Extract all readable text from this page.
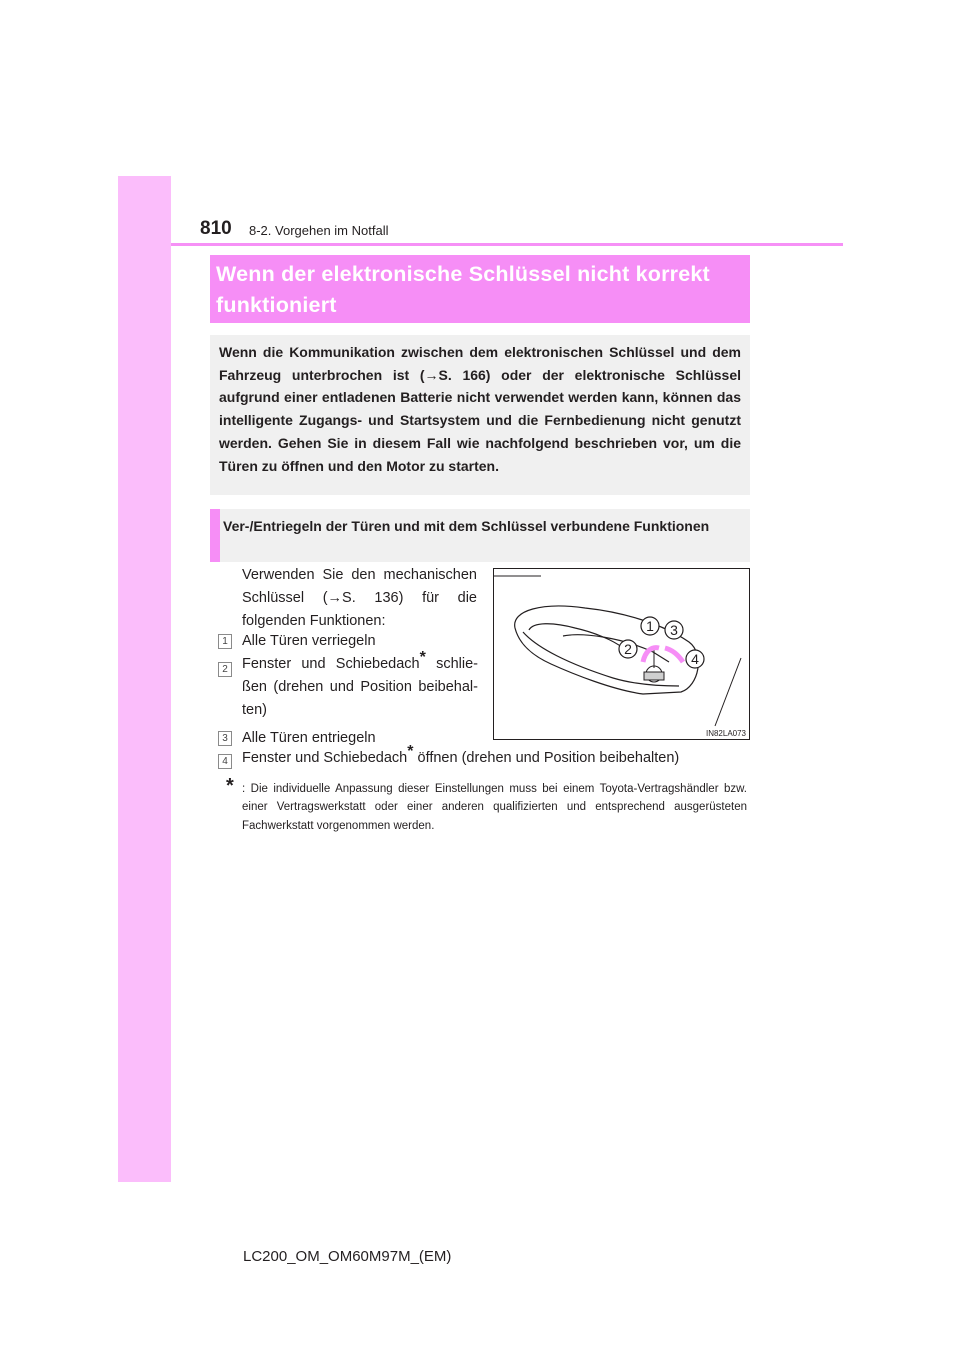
810 8-2. Vorgehen im Notfall
Wenn der elektronische Schlüssel nicht korrekt funktioniert
Wenn die Kommunikation zwischen dem elektronischen Schlüssel und dem Fahrzeug unterbrochen ist (→S. 166) oder der elektronische Schlüssel aufgrund einer entladenen Batterie nicht verwendet werden kann, können das intelligente Zugangs- und Startsystem und die Fernbedienung nicht genutzt werden. Gehen Sie in diesem Fall wie nachfolgend beschrieben vor, um die Türen zu öffnen und den Motor zu starten.
Ver-/Entriegeln der Türen und mit dem Schlüssel verbundene Funktionen
Verwenden Sie den mechanischen Schlüssel (→S. 136) für die folgenden Funktionen:
1 Alle Türen verriegeln
2 Fenster und Schiebedach* schließen (drehen und Position beibehalten)
3 Alle Türen entriegeln
4 Fenster und Schiebedach* öffnen (drehen und Position beibehalten)
* : Die individuelle Anpassung dieser Einstellungen muss bei einem Toyota-Vertragshändler bzw. einer Vertragswerkstatt oder einer anderen qualifizierten und entsprechend ausgerüsteten Fachwerkstatt vorgenommen werden.
1 3
2
4
IN82LA073
LC200_OM_OM60M97M_(EM)
